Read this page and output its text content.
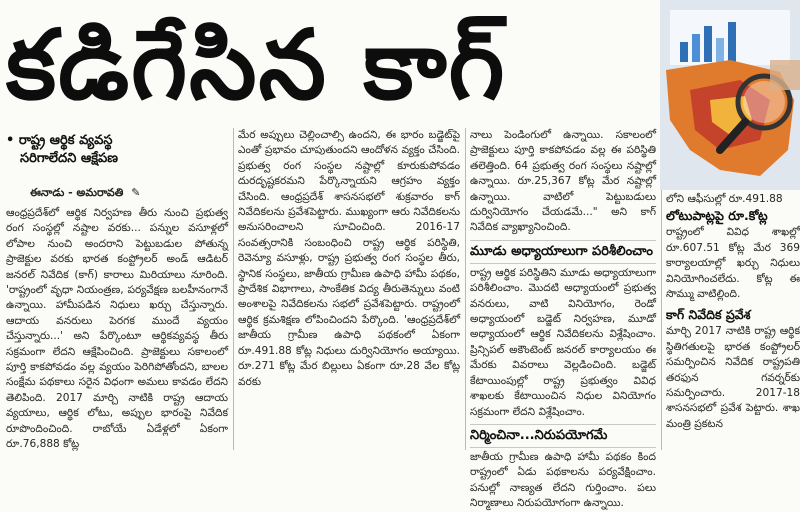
కడిగేసిన కాగ్
• రాష్ట్ర ఆర్థిక వ్యవస్థ
సరిగాలేదని ఆక్షేపణ
ఈనాడు - అమరావతి ✎

ఆంధ్రప్రదేశ్‌లో ఆర్థిక నిర్వహణ తీరు నుంచి ప్రభుత్వ రంగ సంస్థల్లో నష్టాల వరకు... పన్నుల వసూళ్లలో లోపాల నుంచి అందరాని పెట్టుబడుల పోతున్న ప్రాజెక్టుల వరకు భారత కంప్ట్రోలర్ అండ్ ఆడిటర్ జనరల్ నివేదిక (కాగ్) కారాలు మిరియాలు నూరింది. 'రాష్ట్రంలో వృధా నియంత్రణ, పర్యవేక్షణ బలహీనంగానే ఉన్నాయి. హామీపడిన నిధులు ఖర్చు చేస్తున్నారు. ఆదాయ వనరులు పెరగక ముందే వ్యయం చేస్తున్నారు...' అని పేర్కొంటూ ఆర్థికవ్యవస్థ తీరు సక్రమంగా లేదని ఆక్షేపించింది. ప్రాజెక్టులు సకాలంలో పూర్తి కాకపోవడం వల్ల వ్యయం పెరిగిపోతోందని, బాలల సంక్షేమ పథకాలు సరైన విధంగా అమలు కావడం లేదని తెలిపింది. 2017 మార్చి నాటికి రాష్ట్ర ఆదాయ వ్యయాలు, ఆర్థిక లోటు, అప్పుల భారంపై నివేదిక రూపొందించింది. రాబోయే ఏడేళ్లలో ఏకంగా రూ.76,888 కోట్ల

మేర అప్పులు చెల్లించాల్సి ఉందని, ఈ భారం బడ్జెట్‌పై ఎంతో ప్రభావం చూపుతుందని ఆందోళన వ్యక్తం చేసింది. ప్రభుత్వ రంగ సంస్థల నష్టాల్లో కూరుకుపోవడం దురదృష్టకరమని పేర్కొన్నాయని ఆగ్రహం వ్యక్తం చేసింది. ఆంధ్రప్రదేశ్ శాసనసభలో శుక్రవారం కాగ్ నివేదికలను ప్రవేశపెట్టారు. ముఖ్యంగా ఆరు నివేదికలను అనుసరించాలని సూచించింది. 2016-17 సంవత్సరానికి సంబంధించి రాష్ట్ర ఆర్థిక పరిస్థితి, రెవెన్యూ వసూళ్లు, రాష్ట్ర ప్రభుత్వ రంగ సంస్థల తీరు, స్థానిక సంస్థలు, జాతీయ గ్రామీణ ఉపాధి హామీ పథకం, ప్రాదేశిక విభాగాలు, సాంకేతిక విద్య తీరుతెన్నులు వంటి అంశాలపై నివేదికలను సభలో ప్రవేశపెట్టారు. రాష్ట్రంలో ఆర్థిక క్రమశిక్షణ లోపించిందని పేర్కొంది. 'ఆంధ్రప్రదేశ్‌లో జాతీయ గ్రామీణ ఉపాధి పథకంలో ఏకంగా రూ.491.88 కోట్ల నిధులు దుర్వినియోగం అయ్యాయి. రూ.271 కోట్ల మేర బిల్లులు ఏకంగా రూ.28 వేల కోట్ల వరకు

నాలు పెండింగులో ఉన్నాయి. సకాలంలో ప్రాజెక్టులు పూర్తి కాకపోవడం వల్ల ఈ పరిస్థితి తలెత్తింది. 64 ప్రభుత్వ రంగ సంస్థలు నష్టాల్లో ఉన్నాయి. రూ.25,367 కోట్ల మేర నష్టాల్లో ఉన్నాయి. వాటిలో పెట్టుబడులు దుర్వినియోగం చేయడమే..." అని కాగ్ నివేదిక వ్యాఖ్యానించింది.

మూడు అధ్యాయాలుగా పరిశీలించాం

రాష్ట్ర ఆర్థిక పరిస్థితిని మూడు అధ్యాయాలుగా పరిశీలించాం. మొదటి అధ్యాయంలో ప్రభుత్వ వనరులు, వాటి వినియోగం, రెండో అధ్యాయంలో బడ్జెట్ నిర్వహణ, మూడో అధ్యాయంలో ఆర్థిక నివేదికలను విశ్లేషించాం. ప్రిన్సిపల్ అకౌంటెంట్ జనరల్ కార్యాలయం ఈ మేరకు వివరాలు వెల్లడించింది. బడ్జెట్ కేటాయింపుల్లో రాష్ట్ర ప్రభుత్వం వివిధ శాఖలకు కేటాయించిన నిధుల వినియోగం సక్రమంగా లేదని విశ్లేషించాం.

నిర్మించినా...నిరుపయోగమే

జాతీయ గ్రామీణ ఉపాధి హామీ పథకం కింద రాష్ట్రంలో ఏడు పథకాలను పర్యవేక్షించాం. పనుల్లో నాణ్యత లేదని గుర్తించాం. పలు నిర్మాణాలు నిరుపయోగంగా ఉన్నాయి.

లోని ఆఫీసుల్లో రూ.491.88

లోటుపాట్లపై రూ.కోట్ల

రాష్ట్రంలో వివిధ శాఖల్లో రూ.607.51 కోట్ల మేర 369 కార్యాలయాల్లో ఖర్చు నిధులు వినియోగించలేదు. కోట్ల ఈ సొమ్ము వాటిల్లింది.

కాగ్ నివేదిక ప్రవేశ

మార్చి 2017 నాటికి రాష్ట్ర ఆర్థిక స్థితిగతులపై భారత కంప్ట్రోలర్ సమర్పించిన నివేదిక రాష్ట్రపతి తరఫున గవర్నర్‌కు సమర్పించారు. 2017-18 శాసనసభలో ప్రవేశ పెట్టారు. శాఖ మంత్రి ప్రకటన
